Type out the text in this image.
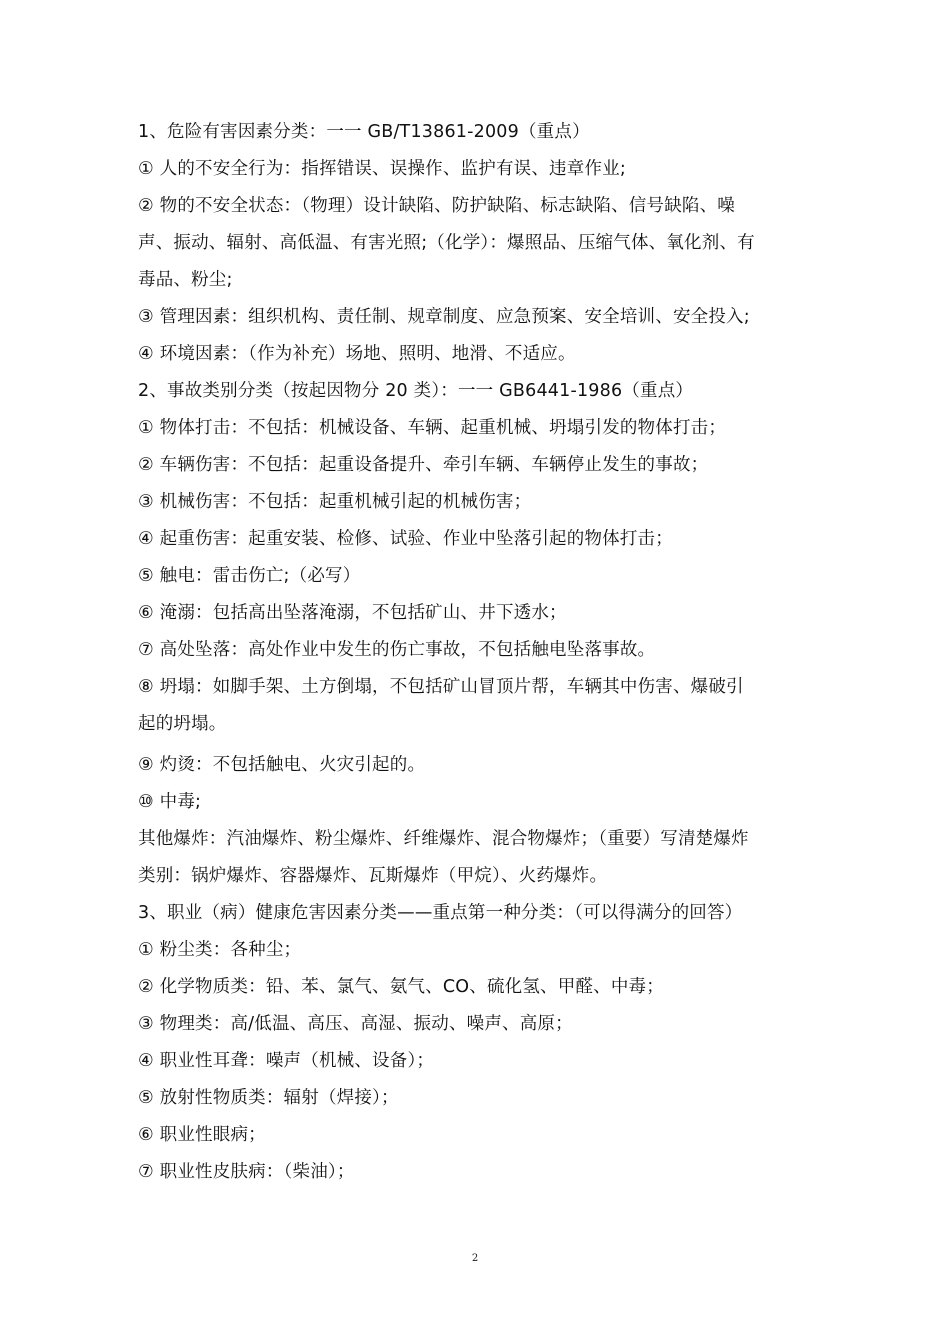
1、危险有害因素分类：一一 GB/T13861-2009（重点）
① 人的不安全行为：指挥错误、误操作、监护有误、违章作业;
② 物的不安全状态：（物理）设计缺陷、防护缺陷、标志缺陷、信号缺陷、噪
声、振动、辐射、高低温、有害光照;（化学）：爆照品、压缩气体、氧化剂、有
毒品、粉尘;
③ 管理因素：组织机构、责任制、规章制度、应急预案、安全培训、安全投入;
④ 环境因素：（作为补充）场地、照明、地滑、不适应。
2、事故类别分类（按起因物分 20 类）：一一 GB6441-1986（重点）
① 物体打击：不包括：机械设备、车辆、起重机械、坍塌引发的物体打击；
② 车辆伤害：不包括：起重设备提升、牵引车辆、车辆停止发生的事故；
③ 机械伤害：不包括：起重机械引起的机械伤害；
④ 起重伤害：起重安装、检修、试验、作业中坠落引起的物体打击；
⑤ 触电：雷击伤亡;（必写）
⑥ 淹溺：包括高出坠落淹溺，不包括矿山、井下透水；
⑦ 高处坠落：高处作业中发生的伤亡事故，不包括触电坠落事故。
⑧ 坍塌：如脚手架、土方倒塌，不包括矿山冒顶片帮，车辆其中伤害、爆破引
起的坍塌。
⑨ 灼烫：不包括触电、火灾引起的。
⑩ 中毒;
其他爆炸：汽油爆炸、粉尘爆炸、纤维爆炸、混合物爆炸；（重要）写清楚爆炸
类别：锅炉爆炸、容器爆炸、瓦斯爆炸（甲烷）、火药爆炸。
3、职业（病）健康危害因素分类——重点第一种分类：（可以得满分的回答）
① 粉尘类：各种尘；
② 化学物质类：铅、苯、氯气、氨气、CO、硫化氢、甲醛、中毒；
③ 物理类：高/低温、高压、高湿、振动、噪声、高原；
④ 职业性耳聋：噪声（机械、设备）；
⑤ 放射性物质类：辐射（焊接）；
⑥ 职业性眼病；
⑦ 职业性皮肤病：（柴油）；
2
